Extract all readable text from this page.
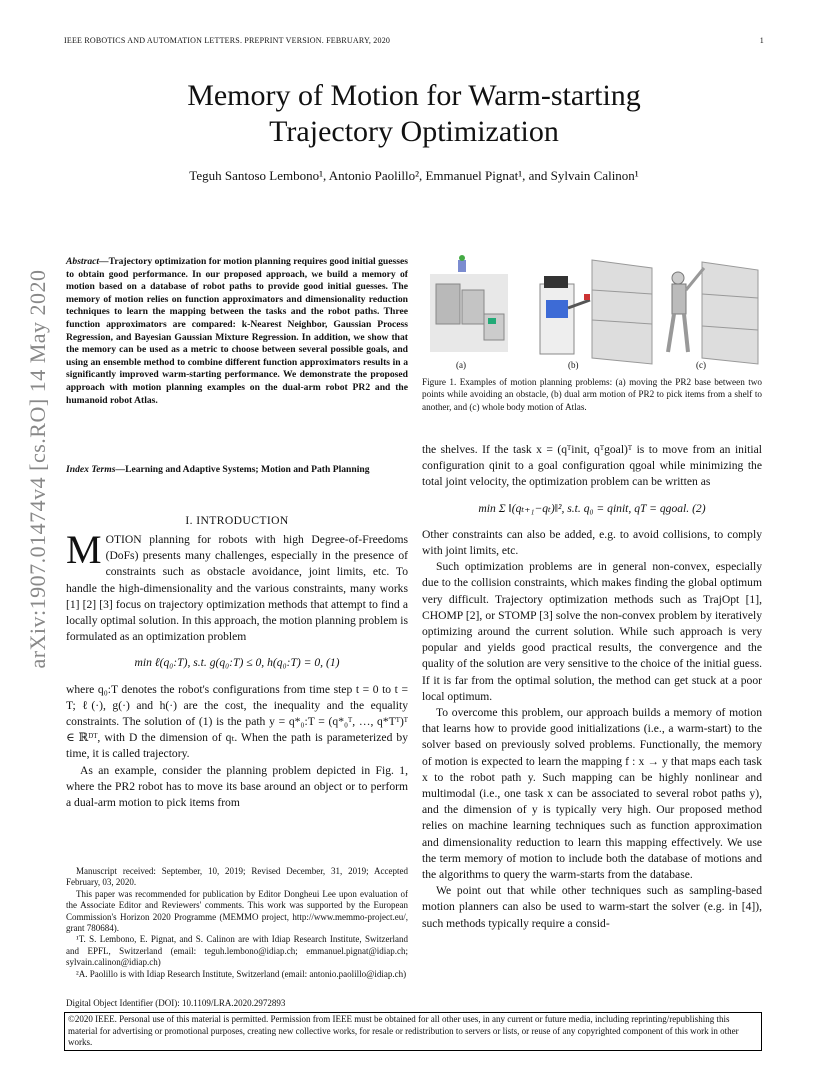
IEEE ROBOTICS AND AUTOMATION LETTERS. PREPRINT VERSION. FEBRUARY, 2020	1
Memory of Motion for Warm-starting
Trajectory Optimization
Teguh Santoso Lembono¹, Antonio Paolillo², Emmanuel Pignat¹, and Sylvain Calinon¹
arXiv:1907.01474v4 [cs.RO] 14 May 2020
Abstract—Trajectory optimization for motion planning requires good initial guesses to obtain good performance. In our proposed approach, we build a memory of motion based on a database of robot paths to provide good initial guesses. The memory of motion relies on function approximators and dimensionality reduction techniques to learn the mapping between the tasks and the robot paths. Three function approximators are compared: k-Nearest Neighbor, Gaussian Process Regression, and Bayesian Gaussian Mixture Regression. In addition, we show that the memory can be used as a metric to choose between several possible goals, and using an ensemble method to combine different function approximators results in a significantly improved warm-starting performance. We demonstrate the proposed approach with motion planning examples on the dual-arm robot PR2 and the humanoid robot Atlas.
Index Terms—Learning and Adaptive Systems; Motion and Path Planning
I. INTRODUCTION
M OTION planning for robots with high Degree-of-Freedoms (DoFs) presents many challenges, especially in the presence of constraints such as obstacle avoidance, joint limits, etc. To handle the high-dimensionality and the various constraints, many works [1] [2] [3] focus on trajectory optimization methods that attempt to find a locally optimal solution. In this approach, the motion planning problem is formulated as an optimization problem

min ℓ(q₀:T), s.t. g(q₀:T) ≤ 0, h(q₀:T) = 0, (1)

where q₀:T denotes the robot's configurations from time step t = 0 to t = T; ℓ(·), g(·) and h(·) are the cost, the inequality and the equality constraints. The solution of (1) is the path y = q*₀:T = (q*₀ᵀ, …, q*Tᵀ)ᵀ ∈ ℝᴰᵀ, with D the dimension of qₜ. When the path is parameterized by time, it is called trajectory.

As an example, consider the planning problem depicted in Fig. 1, where the PR2 robot has to move its base around an object or to perform a dual-arm motion to pick items from

Manuscript received: September, 10, 2019; Revised December, 31, 2019; Accepted February, 03, 2020.

This paper was recommended for publication by Editor Dongheui Lee upon evaluation of the Associate Editor and Reviewers' comments. This work was supported by the European Commission's Horizon 2020 Programme (MEMMO project, http://www.memmo-project.eu/, grant 780684).

¹T. S. Lembono, E. Pignat, and S. Calinon are with Idiap Research Institute, Switzerland and EPFL, Switzerland (email: teguh.lembono@idiap.ch; emmanuel.pignat@idiap.ch; sylvain.calinon@idiap.ch)

²A. Paolillo is with Idiap Research Institute, Switzerland (email: antonio.paolillo@idiap.ch)

Digital Object Identifier (DOI): 10.1109/LRA.2020.2972893
(a)	(b)	(c)
Figure 1. Examples of motion planning problems: (a) moving the PR2 base between two points while avoiding an obstacle, (b) dual arm motion of PR2 to pick items from a shelf to another, and (c) whole body motion of Atlas.

the shelves. If the task x = (qᵀinit, qᵀgoal)ᵀ is to move from an initial configuration qinit to a goal configuration qgoal while minimizing the total joint velocity, the optimization problem can be written as

min Σ ‖(qₜ₊₁−qₜ)‖², s.t. q₀ = qinit, qT = qgoal. (2)

Other constraints can also be added, e.g. to avoid collisions, to comply with joint limits, etc.

Such optimization problems are in general non-convex, especially due to the collision constraints, which makes finding the global optimum very difficult. Trajectory optimization methods such as TrajOpt [1], CHOMP [2], or STOMP [3] solve the non-convex problem by iteratively optimizing around the current solution. While such approach is very popular and yields good practical results, the convergence and the quality of the solution are very sensitive to the choice of the initial guess. If it is far from the optimal solution, the method can get stuck at a poor local optimum.

To overcome this problem, our approach builds a memory of motion that learns how to provide good initializations (i.e., a warm-start) to the solver based on previously solved problems. Functionally, the memory of motion is expected to learn the mapping f : x → y that maps each task x to the robot path y. Such mapping can be highly nonlinear and multimodal (i.e., one task x can be associated to several robot paths y), and the dimension of y is typically very high. Our proposed method relies on machine learning techniques such as function approximation and dimensionality reduction to learn this mapping effectively. We use the term memory of motion to include both the database of motions and the algorithms to query the warm-starts from the database.

We point out that while other techniques such as sampling-based motion planners can also be used to warm-start the solver (e.g. in [4]), such methods typically require a consid-

©2020 IEEE. Personal use of this material is permitted. Permission from IEEE must be obtained for all other uses, in any current or future media, including reprinting/republishing this material for advertising or promotional purposes, creating new collective works, for resale or redistribution to servers or lists, or reuse of any copyrighted component of this work in other works.
